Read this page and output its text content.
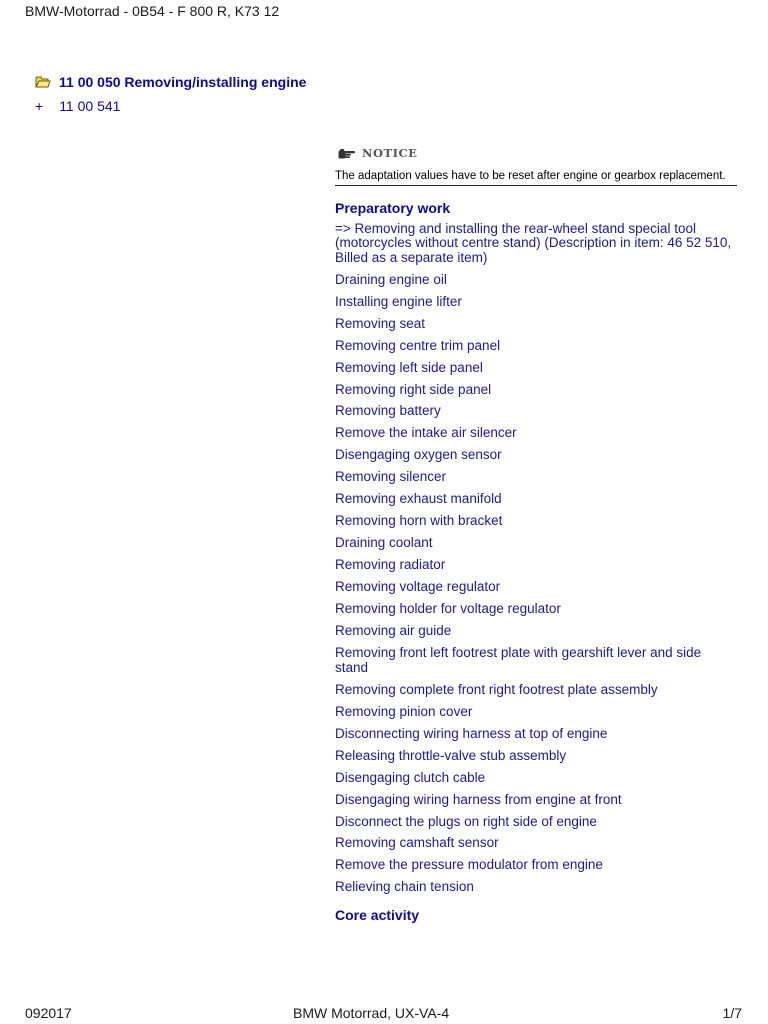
BMW-Motorrad - 0B54 - F 800 R, K73 12
11 00 050 Removing/installing engine
+ 11 00 541
NOTICE
The adaptation values have to be reset after engine or gearbox replacement.
Preparatory work
=> Removing and installing the rear-wheel stand special tool (motorcycles without centre stand) (Description in item: 46 52 510, Billed as a separate item)
Draining engine oil
Installing engine lifter
Removing seat
Removing centre trim panel
Removing left side panel
Removing right side panel
Removing battery
Remove the intake air silencer
Disengaging oxygen sensor
Removing silencer
Removing exhaust manifold
Removing horn with bracket
Draining coolant
Removing radiator
Removing voltage regulator
Removing holder for voltage regulator
Removing air guide
Removing front left footrest plate with gearshift lever and side stand
Removing complete front right footrest plate assembly
Removing pinion cover
Disconnecting wiring harness at top of engine
Releasing throttle-valve stub assembly
Disengaging clutch cable
Disengaging wiring harness from engine at front
Disconnect the plugs on right side of engine
Removing camshaft sensor
Remove the pressure modulator from engine
Relieving chain tension
Core activity
092017	BMW Motorrad, UX-VA-4	1/7
